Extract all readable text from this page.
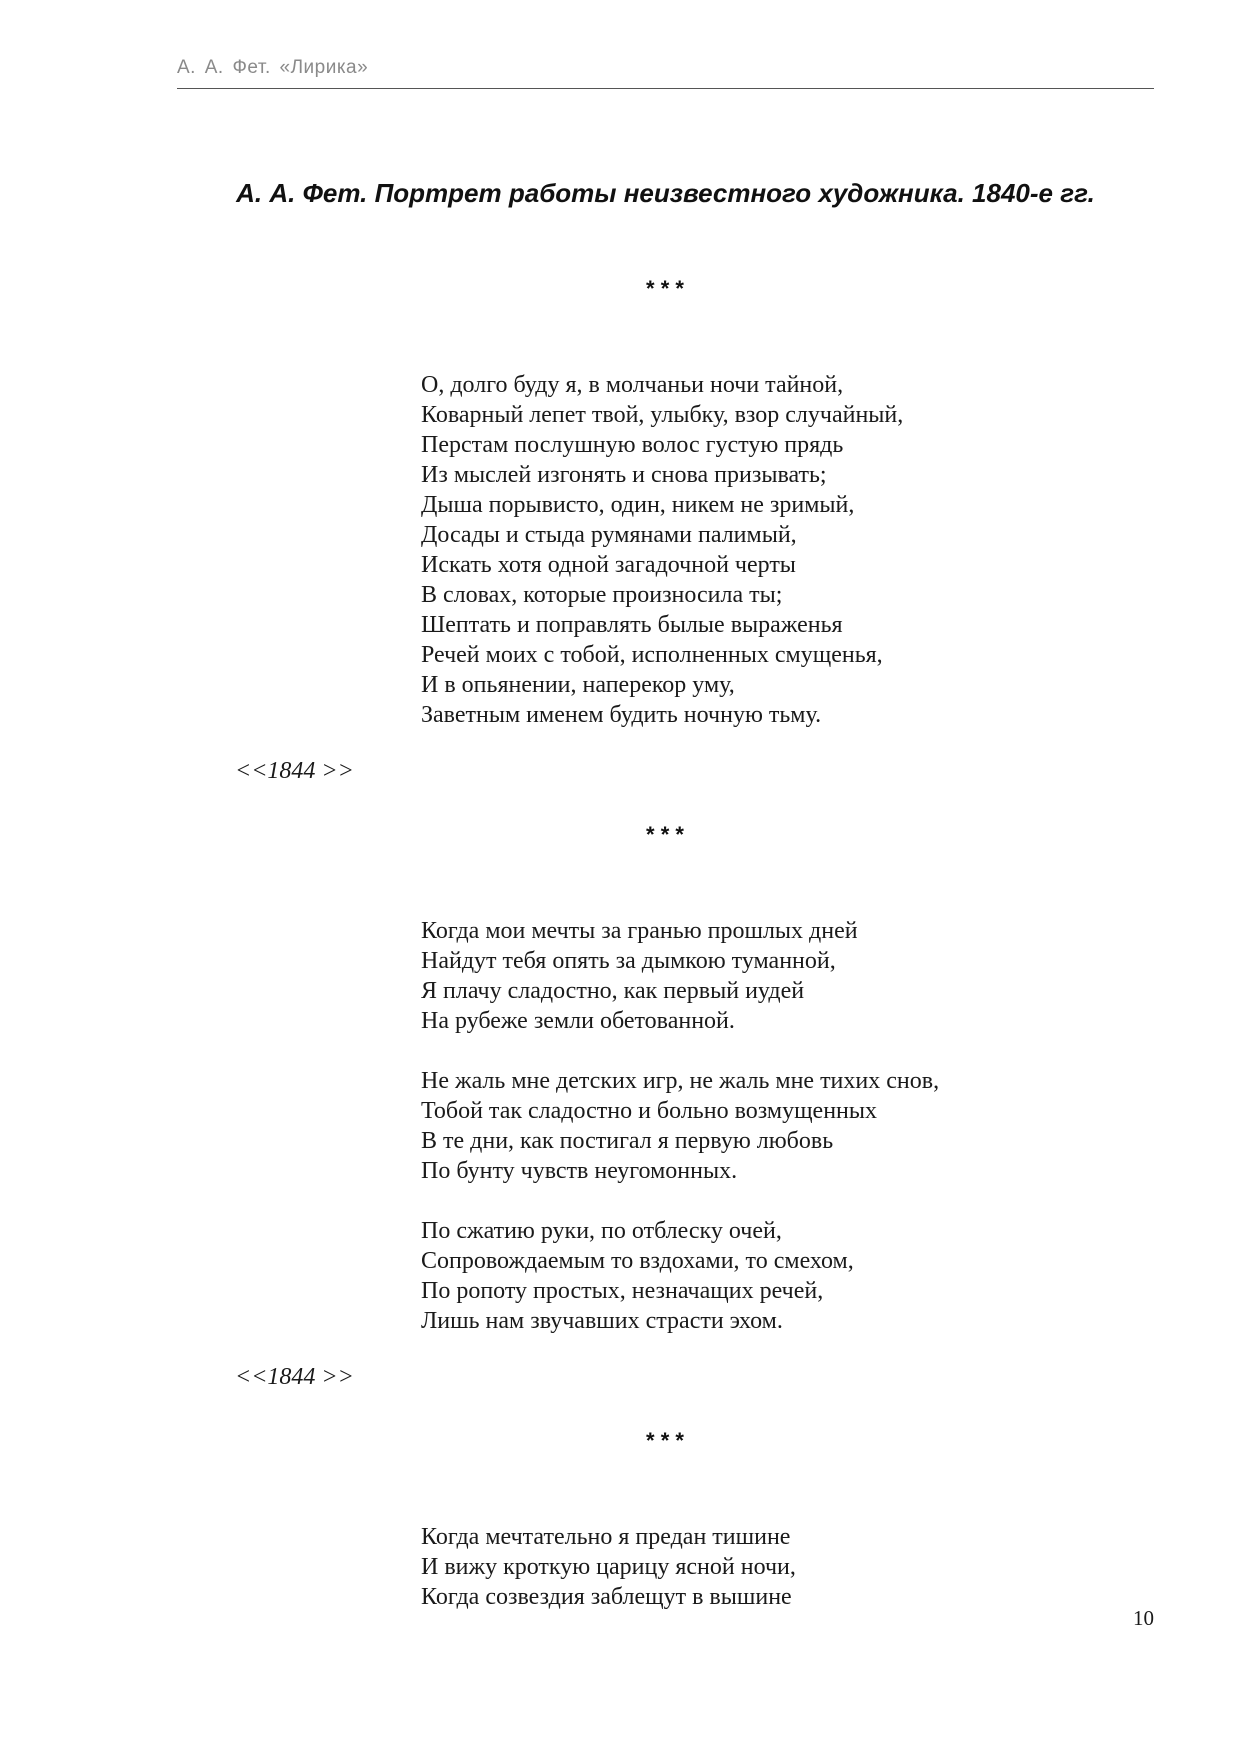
А. А. Фет. «Лирика»
А. А. Фет. Портрет работы неизвестного художника. 1840-е гг.
* * *
О, долго буду я, в молчаньи ночи тайной,
Коварный лепет твой, улыбку, взор случайный,
Перстам послушную волос густую прядь
Из мыслей изгонять и снова призывать;
Дыша порывисто, один, никем не зримый,
Досады и стыда румянами палимый,
Искать хотя одной загадочной черты
В словах, которые произносила ты;
Шептать и поправлять былые выраженья
Речей моих с тобой, исполненных смущенья,
И в опьянении, наперекор уму,
Заветным именем будить ночную тьму.
<<1844 >>
* * *
Когда мои мечты за гранью прошлых дней
Найдут тебя опять за дымкою туманной,
Я плачу сладостно, как первый иудей
На рубеже земли обетованной.
Не жаль мне детских игр, не жаль мне тихих снов,
Тобой так сладостно и больно возмущенных
В те дни, как постигал я первую любовь
По бунту чувств неугомонных.
По сжатию руки, по отблеску очей,
Сопровождаемым то вздохами, то смехом,
По ропоту простых, незначащих речей,
Лишь нам звучавших страсти эхом.
<<1844 >>
* * *
Когда мечтательно я предан тишине
И вижу кроткую царицу ясной ночи,
Когда созвездия заблещут в вышине
10
